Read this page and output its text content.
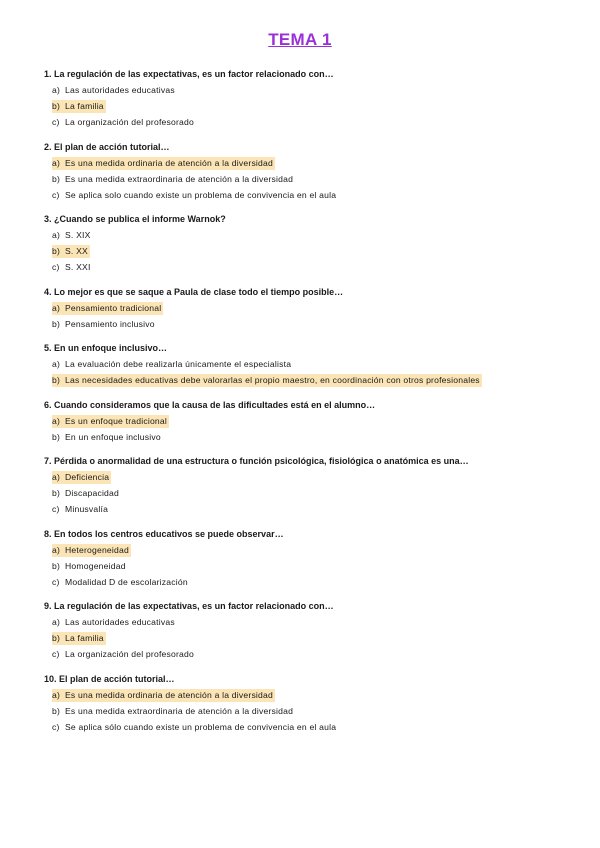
TEMA 1
1. La regulación de las expectativas, es un factor relacionado con…
a) Las autoridades educativas
b) La familia
c) La organización del profesorado
2. El plan de acción tutorial…
a) Es una medida ordinaria de atención a la diversidad
b) Es una medida extraordinaria de atención a la diversidad
c) Se aplica solo cuando existe un problema de convivencia en el aula
3. ¿Cuando se publica el informe Warnok?
a) S. XIX
b) S. XX
c) S. XXI
4. Lo mejor es que se saque a Paula de clase todo el tiempo posible…
a) Pensamiento tradicional
b) Pensamiento inclusivo
5. En un enfoque inclusivo…
a) La evaluación debe realizarla únicamente el especialista
b) Las necesidades educativas debe valorarlas el propio maestro, en coordinación con otros profesionales
6. Cuando consideramos que la causa de las dificultades está en el alumno…
a) Es un enfoque tradicional
b) En un enfoque inclusivo
7. Pérdida o anormalidad de una estructura o función psicológica, fisiológica o anatómica es una…
a) Deficiencia
b) Discapacidad
c) Minusvalía
8. En todos los centros educativos se puede observar…
a) Heterogeneidad
b) Homogeneidad
c) Modalidad D de escolarización
9. La regulación de las expectativas, es un factor relacionado con…
a) Las autoridades educativas
b) La familia
c) La organización del profesorado
10. El plan de acción tutorial…
a) Es una medida ordinaria de atención a la diversidad
b) Es una medida extraordinaria de atención a la diversidad
c) Se aplica sólo cuando existe un problema de convivencia en el aula
